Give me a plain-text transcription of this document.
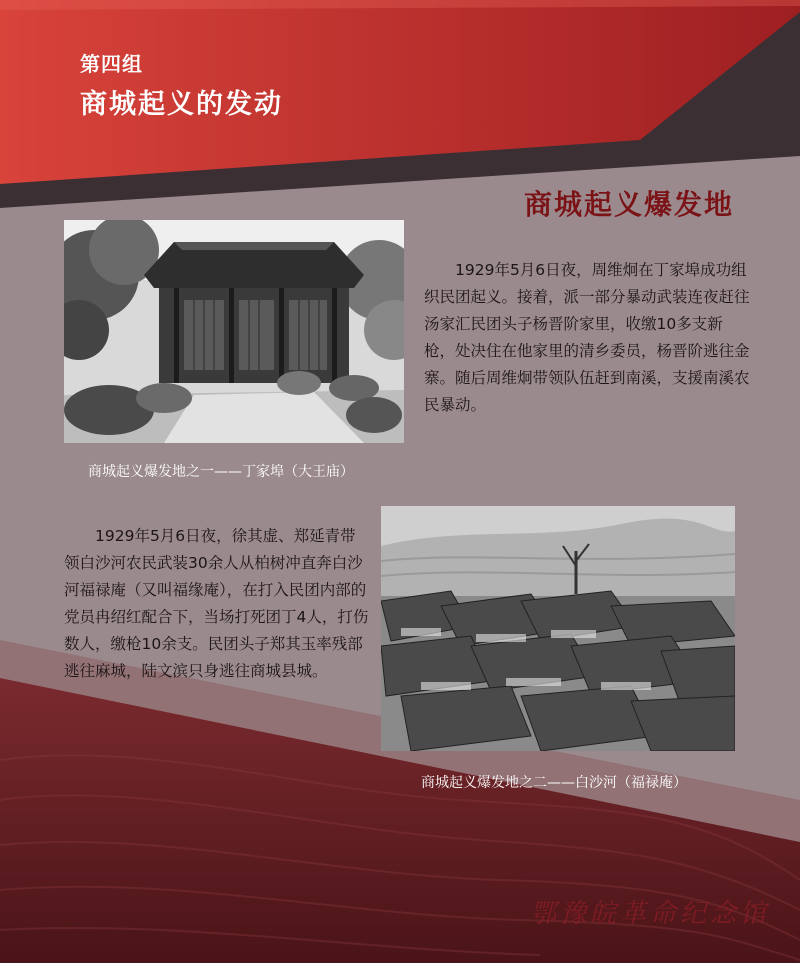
第四组
商城起义的发动
商城起义爆发地
商城起义爆发地之一——丁家埠（大王庙）

1929年5月6日夜，周维炯在丁家埠成功组织民团起义。接着，派一部分暴动武装连夜赶往汤家汇民团头子杨晋阶家里，收缴10多支新枪，处决住在他家里的清乡委员，杨晋阶逃往金寨。随后周维炯带领队伍赶到南溪，支援南溪农民暴动。

1929年5月6日夜，徐其虚、郑延青带领白沙河农民武装30余人从柏树冲直奔白沙河福禄庵（又叫福缘庵），在打入民团内部的党员冉绍红配合下，当场打死团丁4人，打伤数人，缴枪10余支。民团头子郑其玉率残部逃往麻城，陆文滨只身逃往商城县城。

商城起义爆发地之二——白沙河（福禄庵）
鄂豫皖革命纪念馆
